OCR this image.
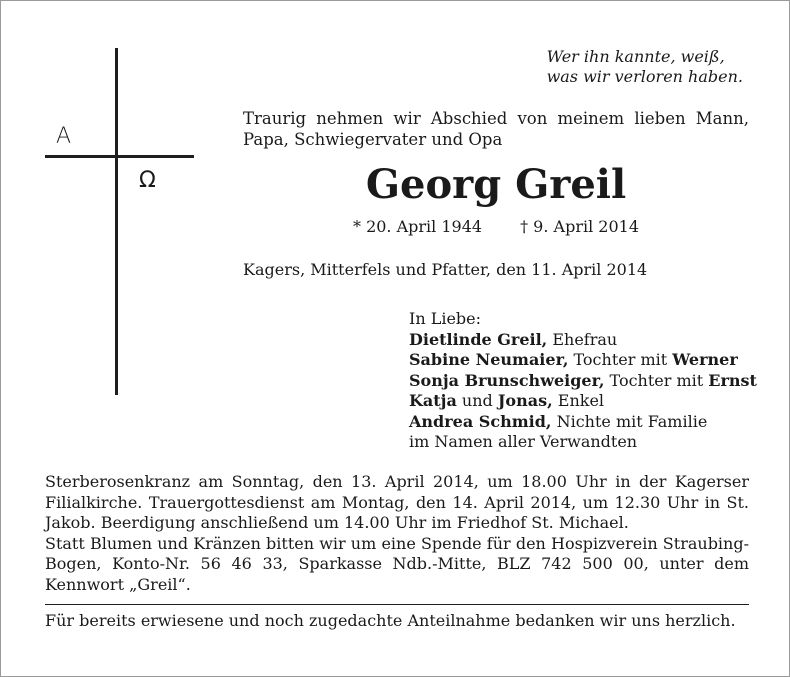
Wer ihn kannte, weiß,
was wir verloren haben.
Α
Ω
Traurig nehmen wir Abschied von meinem lieben Mann, Papa, Schwiegervater und Opa
Georg Greil
* 20. April 1944 † 9. April 2014
Kagers, Mitterfels und Pfatter, den 11. April 2014
In Liebe:
Dietlinde Greil, Ehefrau
Sabine Neumaier, Tochter mit Werner
Sonja Brunschweiger, Tochter mit Ernst
Katja und Jonas, Enkel
Andrea Schmid, Nichte mit Familie
im Namen aller Verwandten

Sterberosenkranz am Sonntag, den 13. April 2014, um 18.00 Uhr in der Kagerser Filialkirche. Trauergottesdienst am Montag, den 14. April 2014, um 12.30 Uhr in St. Jakob. Beerdigung anschließend um 14.00 Uhr im Friedhof St. Michael.

Statt Blumen und Kränzen bitten wir um eine Spende für den Hospizverein Straubing-Bogen, Konto-Nr. 56 46 33, Sparkasse Ndb.-Mitte, BLZ 742 500 00, unter dem Kennwort „Greil“.

Für bereits erwiesene und noch zugedachte Anteilnahme bedanken wir uns herzlich.
